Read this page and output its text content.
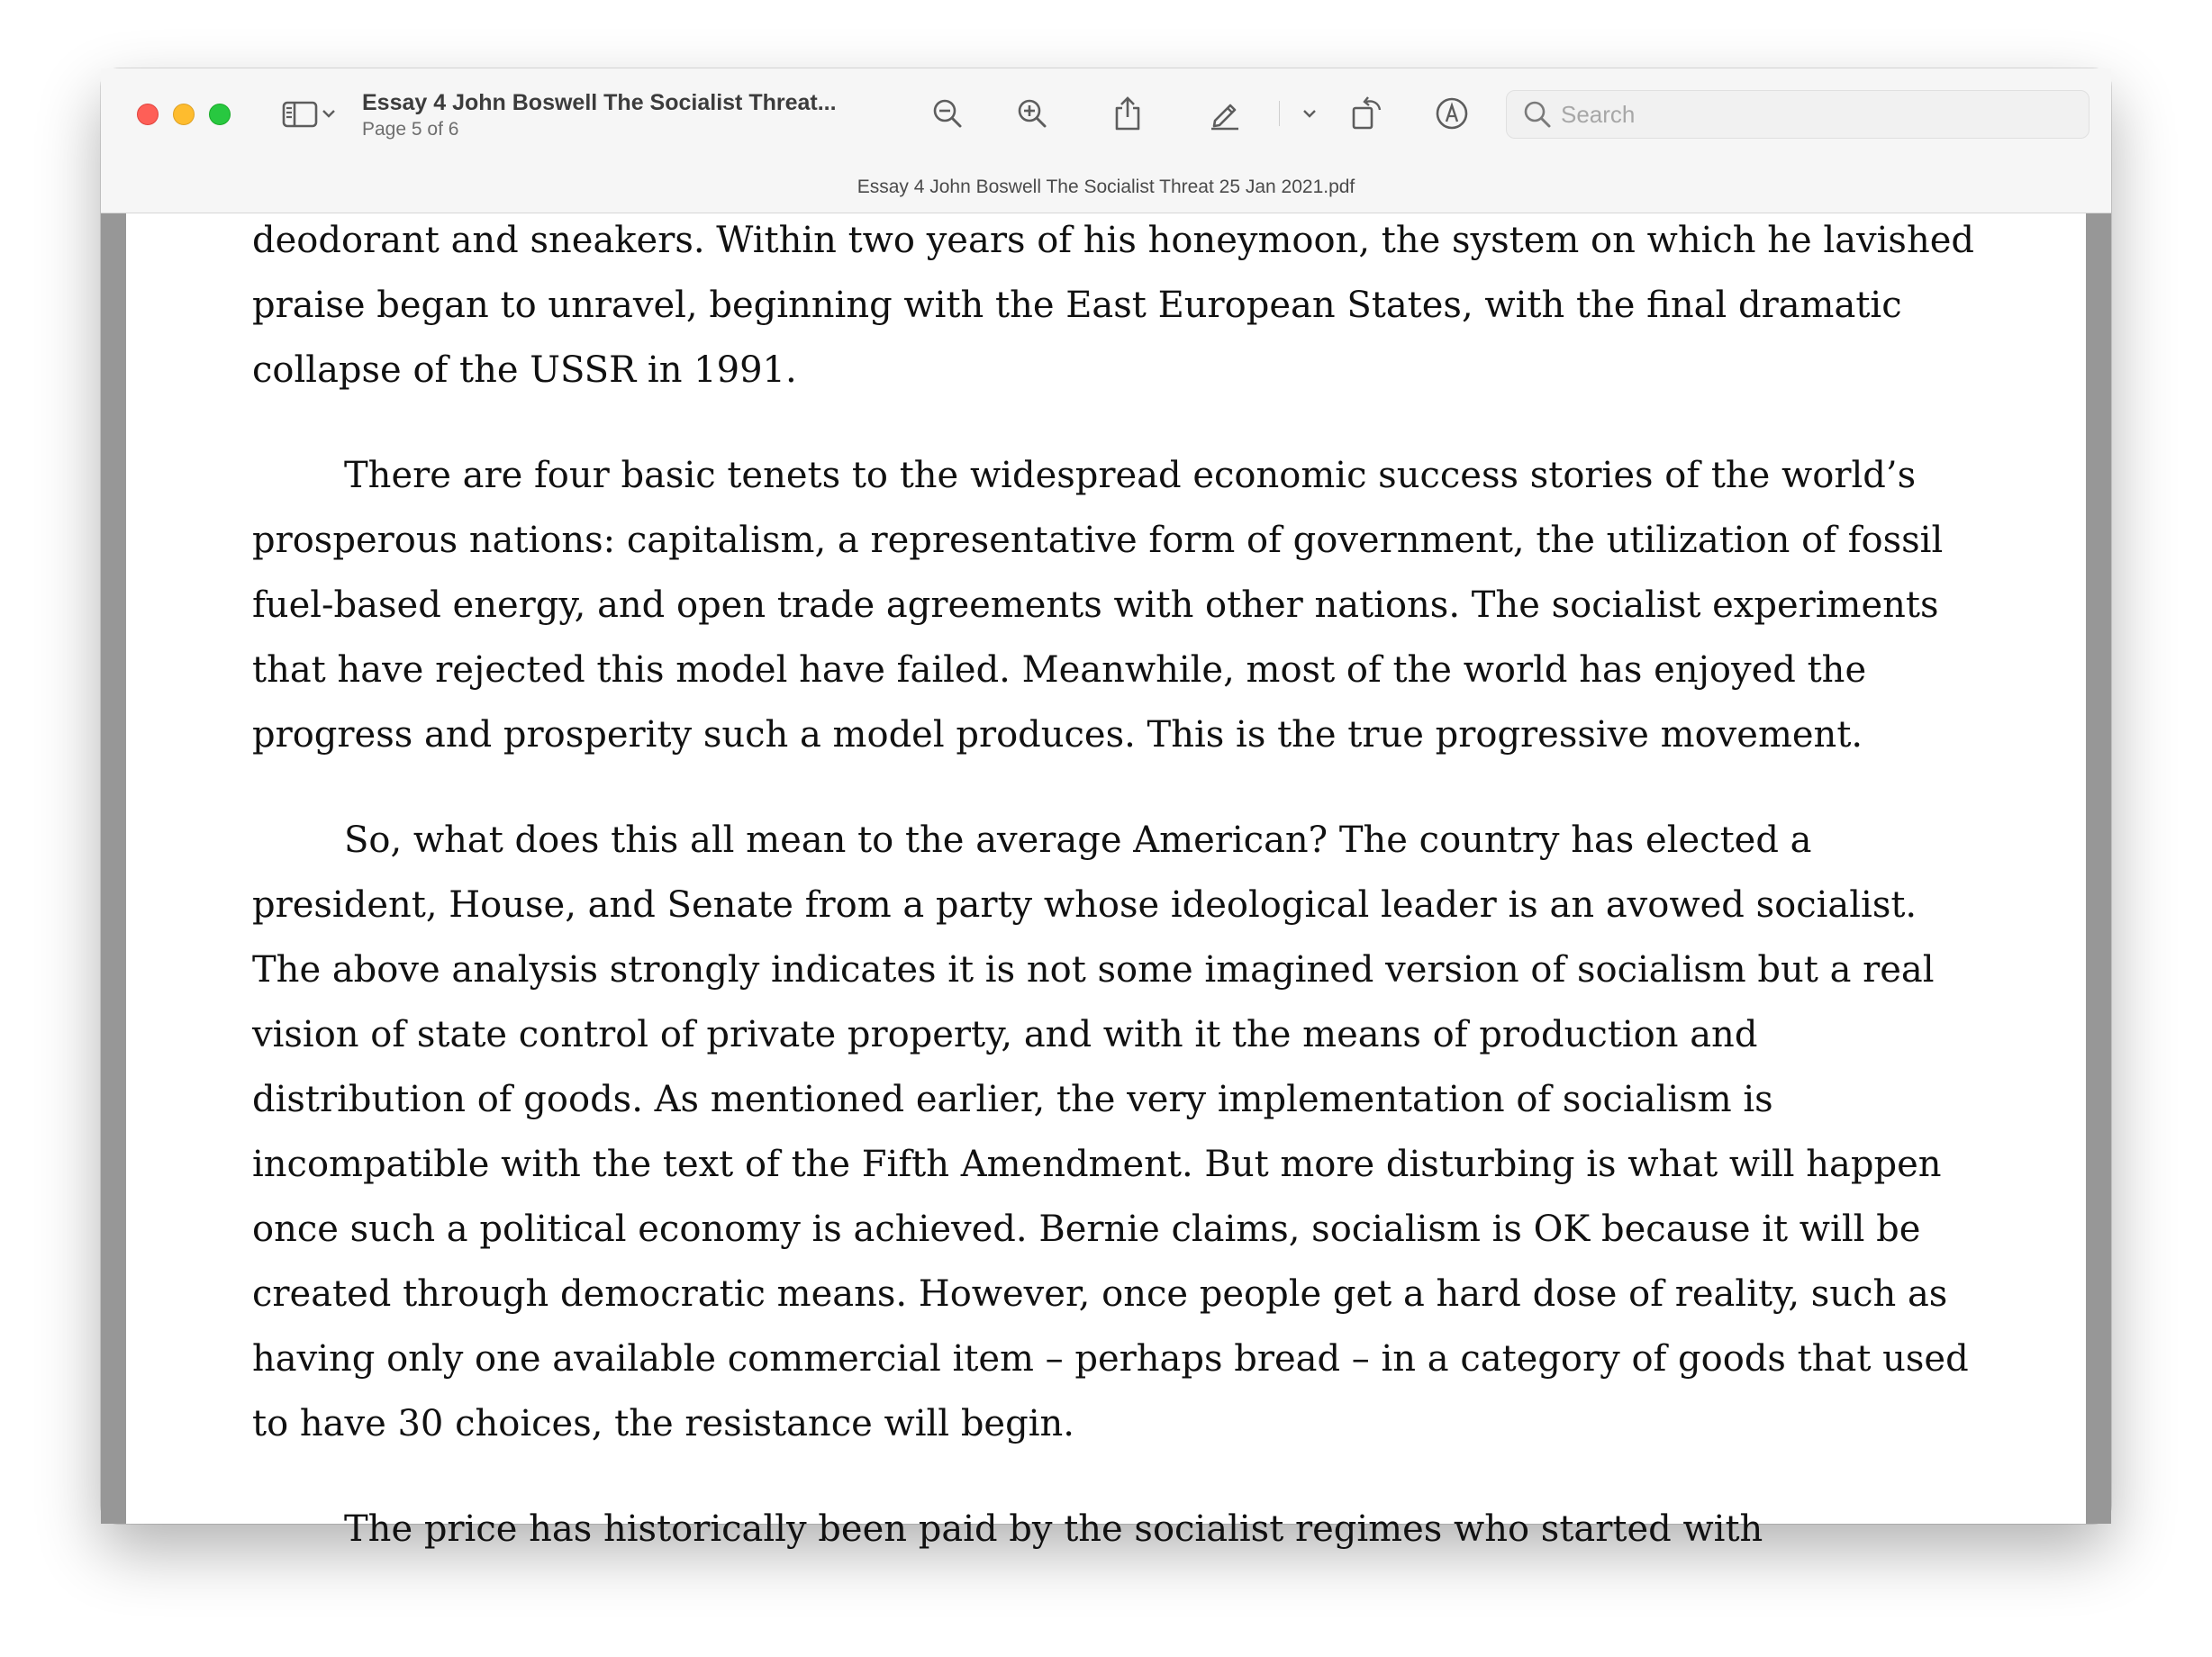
Essay 4 John Boswell The Socialist Threat...
Page 5 of 6
Search
Essay 4 John Boswell The Socialist Threat 25 Jan 2021.pdf

deodorant and sneakers. Within two years of his honeymoon, the system on which he lavished
praise began to unravel, beginning with the East European States, with the final dramatic
collapse of the USSR in 1991.

There are four basic tenets to the widespread economic success stories of the world’s
prosperous nations: capitalism, a representative form of government, the utilization of fossil
fuel-based energy, and open trade agreements with other nations. The socialist experiments
that have rejected this model have failed. Meanwhile, most of the world has enjoyed the
progress and prosperity such a model produces. This is the true progressive movement.

So, what does this all mean to the average American? The country has elected a
president, House, and Senate from a party whose ideological leader is an avowed socialist.
The above analysis strongly indicates it is not some imagined version of socialism but a real
vision of state control of private property, and with it the means of production and
distribution of goods. As mentioned earlier, the very implementation of socialism is
incompatible with the text of the Fifth Amendment. But more disturbing is what will happen
once such a political economy is achieved. Bernie claims, socialism is OK because it will be
created through democratic means. However, once people get a hard dose of reality, such as
having only one available commercial item – perhaps bread – in a category of goods that used
to have 30 choices, the resistance will begin.

The price has historically been paid by the socialist regimes who started with
